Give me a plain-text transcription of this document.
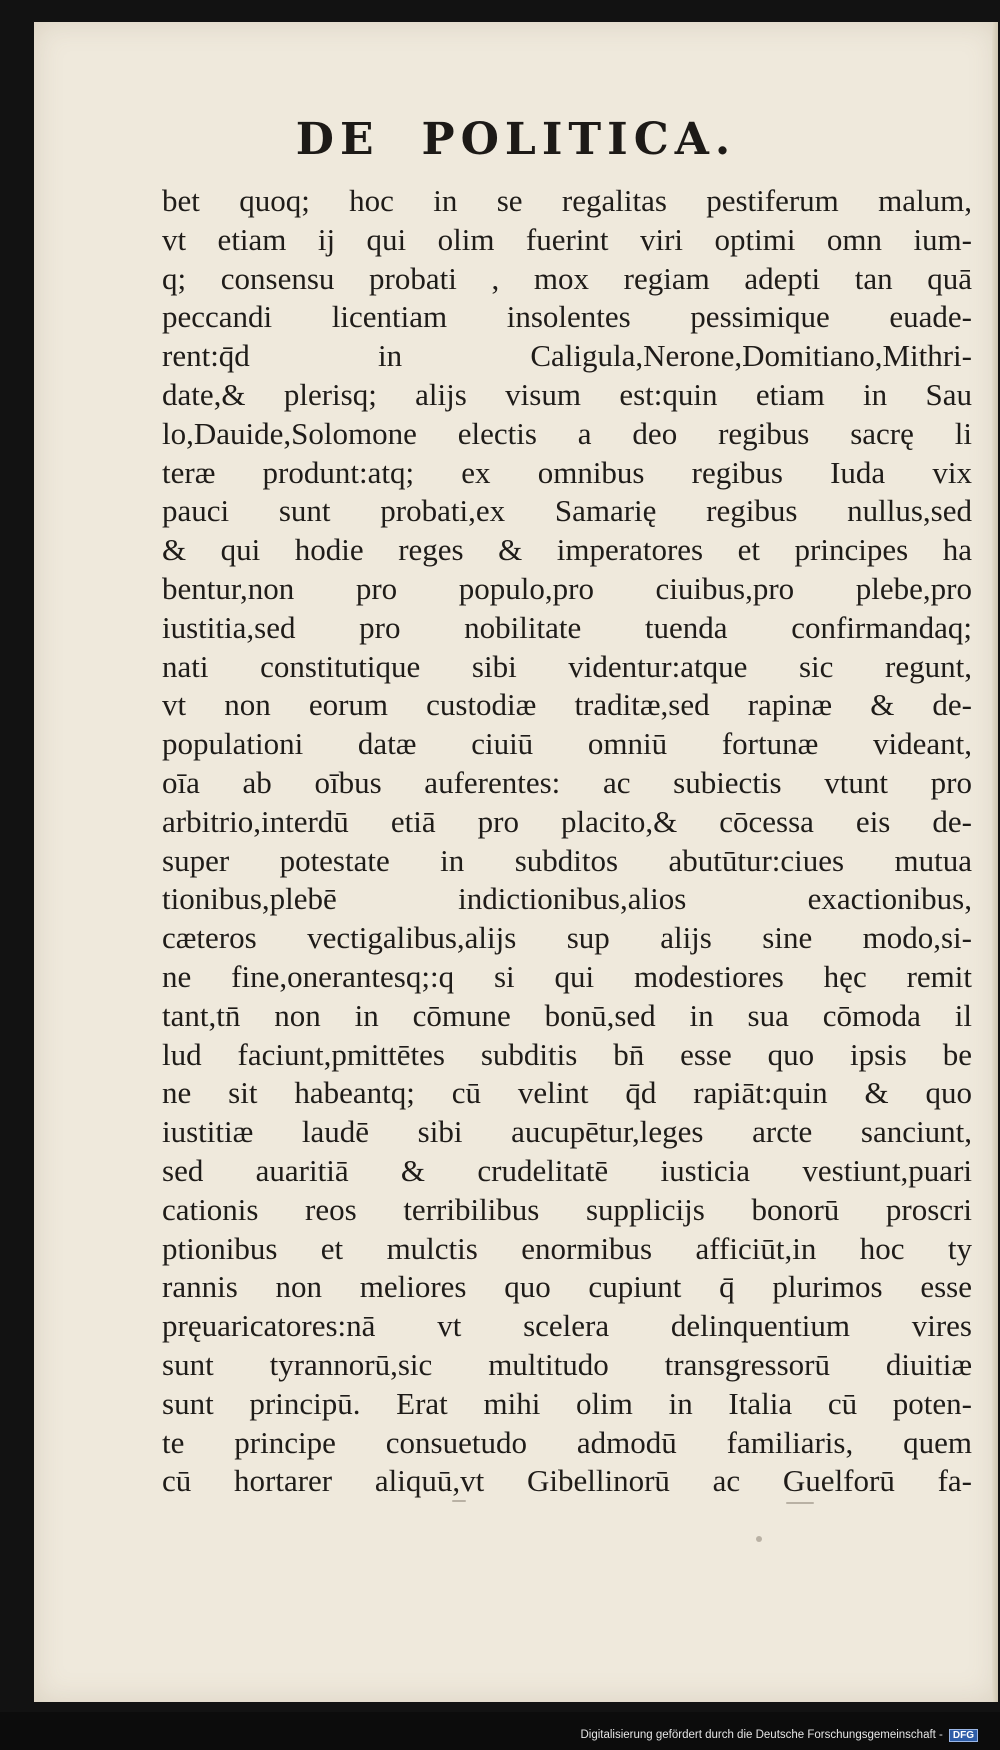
DE POLITICA.
bet quoq; hoc in se regalitas pestiferum malum,
vt etiam ij qui olim fuerint viri optimi omn ium-
q; consensu probati , mox regiam adepti tan quā
peccandi licentiam insolentes pessimique euade-
rent:q̄d in Caligula,Nerone,Domitiano,Mithri-
date,& plerisq; alijs visum est:quin etiam in Sau
lo,Dauide,Solomone electis a deo regibus sacrę li
teræ produnt:atq; ex omnibus regibus Iuda vix
pauci sunt probati,ex Samarię regibus nullus,sed
& qui hodie reges & imperatores et principes ha
bentur,non pro populo,pro ciuibus,pro plebe,pro
iustitia,sed pro nobilitate tuenda confirmandaq;
nati constitutique sibi videntur:atque sic regunt,
vt non eorum custodiæ traditæ,sed rapinæ & de-
populationi datæ ciuiū omniū fortunæ videant,
oīa ab oībus auferentes: ac subiectis vtunt pro
arbitrio,interdū etiā pro placito,& cōcessa eis de-
super potestate in subditos abutūtur:ciues mutua
tionibus,plebē indictionibus,alios exactionibus,
cæteros vectigalibus,alijs sup alijs sine modo,si-
ne fine,onerantesq;:q si qui modestiores hęc remit
tant,tn̄ non in cōmune bonū,sed in sua cōmoda il
lud faciunt,pmittētes subditis bn̄ esse quo ipsis be
ne sit habeantq; cū velint q̄d rapiāt:quin & quo
iustitiæ laudē sibi aucupētur,leges arcte sanciunt,
sed auaritiā & crudelitatē iusticia vestiunt,puari
cationis reos terribilibus supplicijs bonorū proscri
ptionibus et mulctis enormibus afficiūt,in hoc ty
rannis non meliores quo cupiunt q̄ plurimos esse
pręuaricatores:nā vt scelera delinquentium vires
sunt tyrannorū,sic multitudo transgressorū diuitiæ
sunt principū. Erat mihi olim in Italia cū poten-
te principe consuetudo admodū familiaris, quem
cū hortarer aliquū,vt Gibellinorū ac Guelforū fa-
Digitalisierung gefördert durch die Deutsche Forschungsgemeinschaft - DFG
